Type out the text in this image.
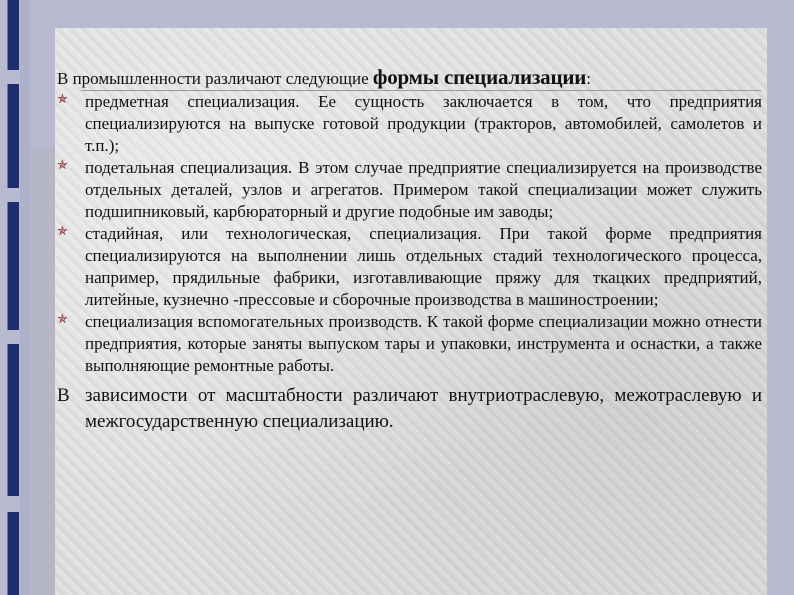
В промышленности различают следующие формы специализации:

✯ предметная специализация. Ее сущность заключается в том, что предприятия специализируются на выпуске готовой продукции (тракторов, автомобилей, самолетов и т.п.);
✯ подетальная специализация. В этом случае предприятие специализируется на производстве отдельных деталей, узлов и агрегатов. Примером такой специализации может служить подшипниковый, карбюраторный и другие подобные им заводы;
✯ стадийная, или технологическая, специализация. При такой форме предприятия специализируются на выполнении лишь отдельных стадий технологического процесса, например, прядильные фабрики, изготавливающие пряжу для ткацких предприятий, литейные, кузнечно -прессовые и сборочные производства в машиностроении;
✯ специализация вспомогательных производств. К такой форме специализации можно отнести предприятия, которые заняты выпуском тары и упаковки, инструмента и оснастки, а также выполняющие ремонтные работы.

В зависимости от масштабности различают внутриотраслевую, межотраслевую и межгосударственную специализацию.
